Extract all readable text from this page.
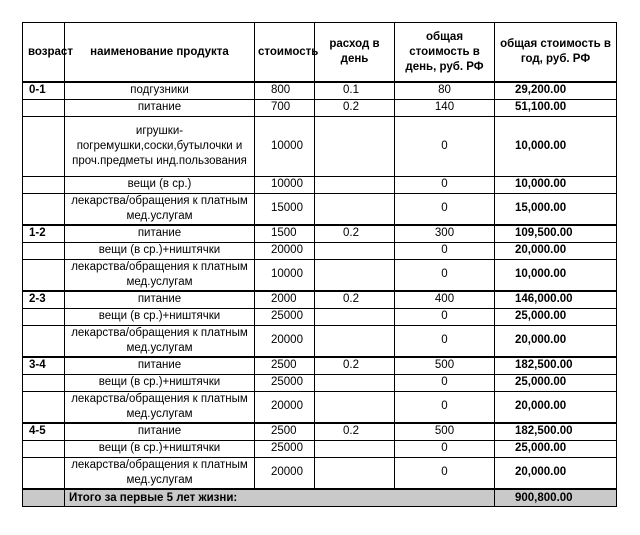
возраст	наименование продукта	стоимость	расход в день	общая стоимость в день, руб. РФ	общая стоимость в год, руб. РФ
0-1	подгузники	800	0.1	80	29,200.00
	питание	700	0.2	140	51,100.00
	игрушки-погремушки,соски,бутылочки и проч.предметы инд.пользования	10000		0	10,000.00
	вещи (в ср.)	10000		0	10,000.00
	лекарства/обращения к платным мед.услугам	15000		0	15,000.00
1-2	питание	1500	0.2	300	109,500.00
	вещи (в ср.)+ништячки	20000		0	20,000.00
	лекарства/обращения к платным мед.услугам	10000		0	10,000.00
2-3	питание	2000	0.2	400	146,000.00
	вещи (в ср.)+ништячки	25000		0	25,000.00
	лекарства/обращения к платным мед.услугам	20000		0	20,000.00
3-4	питание	2500	0.2	500	182,500.00
	вещи (в ср.)+ништячки	25000		0	25,000.00
	лекарства/обращения к платным мед.услугам	20000		0	20,000.00
4-5	питание	2500	0.2	500	182,500.00
	вещи (в ср.)+ништячки	25000		0	25,000.00
	лекарства/обращения к платным мед.услугам	20000		0	20,000.00
	Итого за первые 5 лет жизни:				900,800.00
